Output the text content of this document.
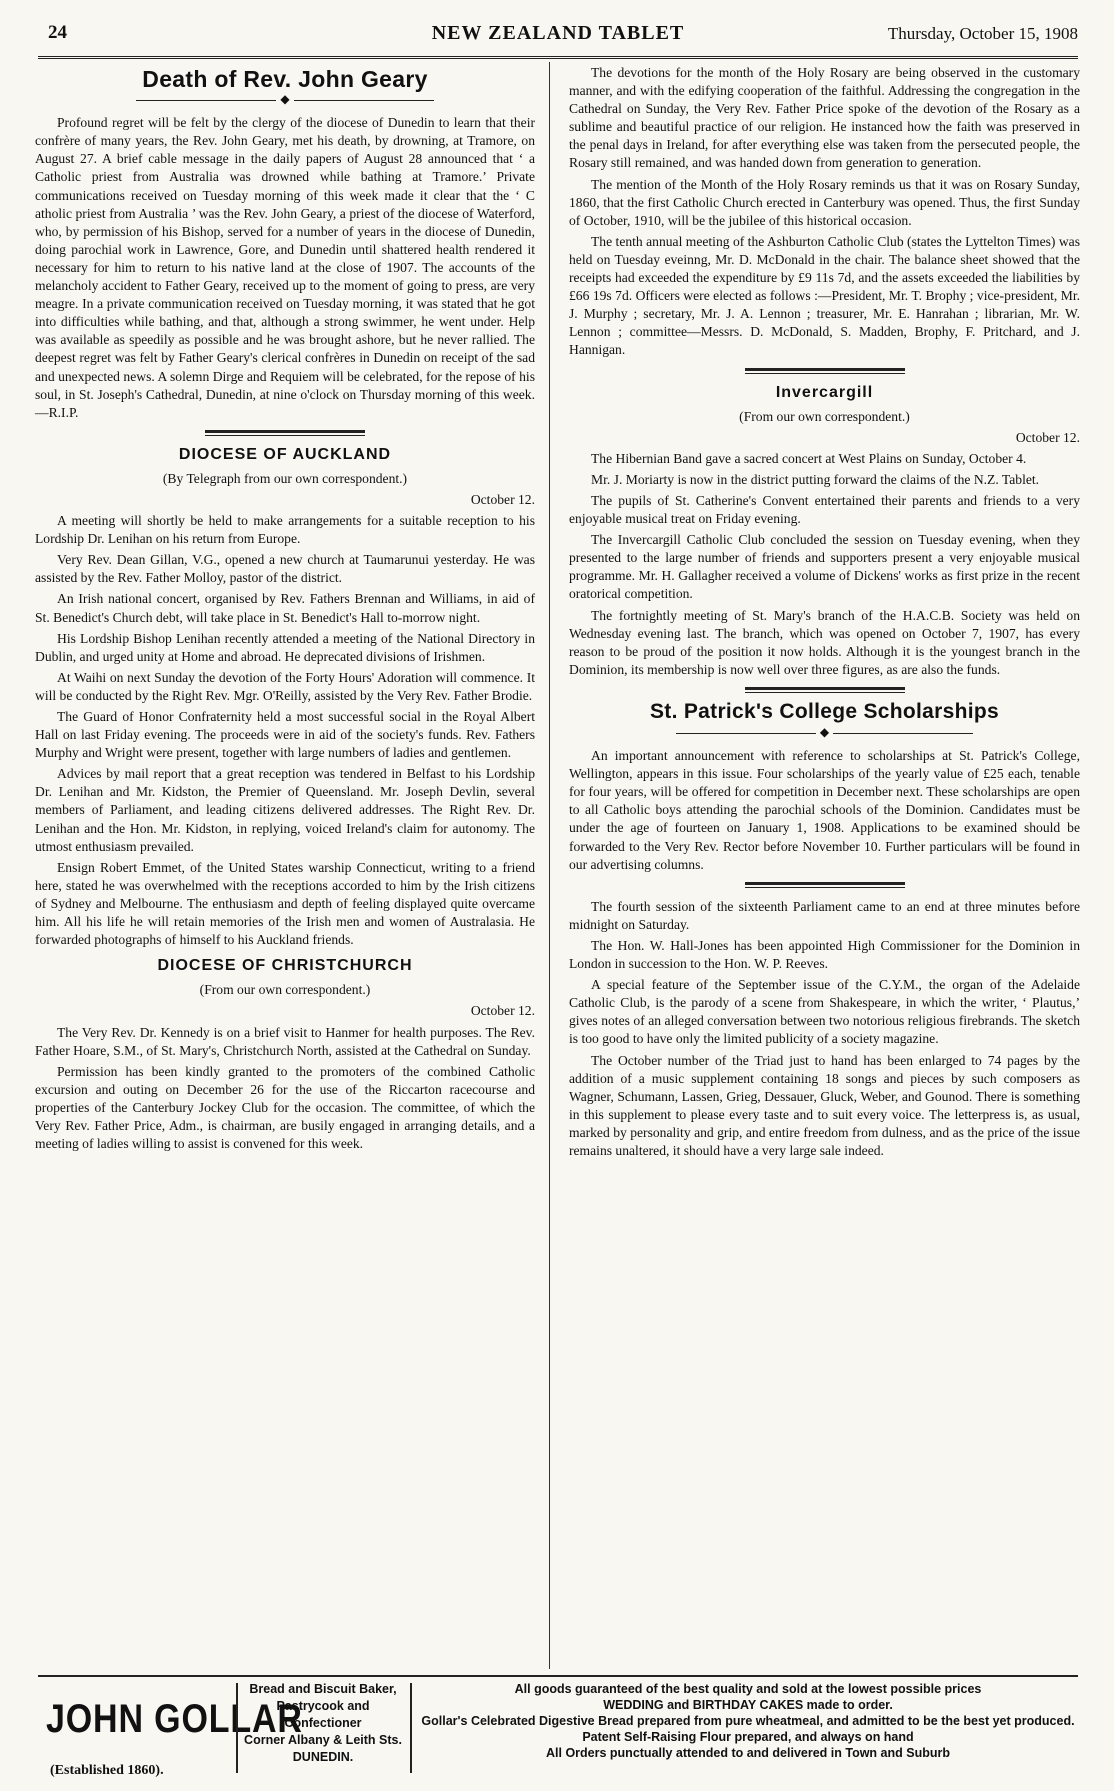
24	NEW ZEALAND TABLET	Thursday, October 15, 1908
Death of Rev. John Geary
◆

Profound regret will be felt by the clergy of the diocese of Dunedin to learn that their confrère of many years, the Rev. John Geary, met his death, by drowning, at Tramore, on August 27. A brief cable message in the daily papers of August 28 announced that ‘ a Catholic priest from Australia was drowned while bathing at Tramore.’ Private communications received on Tuesday morning of this week made it clear that the ‘ C atholic priest from Australia ’ was the Rev. John Geary, a priest of the diocese of Waterford, who, by permission of his Bishop, served for a number of years in the diocese of Dunedin, doing parochial work in Lawrence, Gore, and Dunedin until shattered health rendered it necessary for him to return to his native land at the close of 1907. The accounts of the melancholy accident to Father Geary, received up to the moment of going to press, are very meagre. In a private communication received on Tuesday morning, it was stated that he got into difficulties while bathing, and that, although a strong swimmer, he went under. Help was available as speedily as possible and he was brought ashore, but he never rallied. The deepest regret was felt by Father Geary's clerical confrères in Dunedin on receipt of the sad and unexpected news. A solemn Dirge and Requiem will be celebrated, for the repose of his soul, in St. Joseph's Cathedral, Dunedin, at nine o'clock on Thursday morning of this week.—R.I.P.

DIOCESE OF AUCKLAND

(By Telegraph from our own correspondent.)

October 12.

A meeting will shortly be held to make arrangements for a suitable reception to his Lordship Dr. Lenihan on his return from Europe.

Very Rev. Dean Gillan, V.G., opened a new church at Taumarunui yesterday. He was assisted by the Rev. Father Molloy, pastor of the district.

An Irish national concert, organised by Rev. Fathers Brennan and Williams, in aid of St. Benedict's Church debt, will take place in St. Benedict's Hall to-morrow night.

His Lordship Bishop Lenihan recently attended a meeting of the National Directory in Dublin, and urged unity at Home and abroad. He deprecated divisions of Irishmen.

At Waihi on next Sunday the devotion of the Forty Hours' Adoration will commence. It will be conducted by the Right Rev. Mgr. O'Reilly, assisted by the Very Rev. Father Brodie.

The Guard of Honor Confraternity held a most successful social in the Royal Albert Hall on last Friday evening. The proceeds were in aid of the society's funds. Rev. Fathers Murphy and Wright were present, together with large numbers of ladies and gentlemen.

Advices by mail report that a great reception was tendered in Belfast to his Lordship Dr. Lenihan and Mr. Kidston, the Premier of Queensland. Mr. Joseph Devlin, several members of Parliament, and leading citizens delivered addresses. The Right Rev. Dr. Lenihan and the Hon. Mr. Kidston, in replying, voiced Ireland's claim for autonomy. The utmost enthusiasm prevailed.

Ensign Robert Emmet, of the United States warship Connecticut, writing to a friend here, stated he was overwhelmed with the receptions accorded to him by the Irish citizens of Sydney and Melbourne. The enthusiasm and depth of feeling displayed quite overcame him. All his life he will retain memories of the Irish men and women of Australasia. He forwarded photographs of himself to his Auckland friends.

DIOCESE OF CHRISTCHURCH

(From our own correspondent.)

October 12.

The Very Rev. Dr. Kennedy is on a brief visit to Hanmer for health purposes. The Rev. Father Hoare, S.M., of St. Mary's, Christchurch North, assisted at the Cathedral on Sunday.

Permission has been kindly granted to the promoters of the combined Catholic excursion and outing on December 26 for the use of the Riccarton racecourse and properties of the Canterbury Jockey Club for the occasion. The committee, of which the Very Rev. Father Price, Adm., is chairman, are busily engaged in arranging details, and a meeting of ladies willing to assist is convened for this week.

The devotions for the month of the Holy Rosary are being observed in the customary manner, and with the edifying cooperation of the faithful. Addressing the congregation in the Cathedral on Sunday, the Very Rev. Father Price spoke of the devotion of the Rosary as a sublime and beautiful practice of our religion. He instanced how the faith was preserved in the penal days in Ireland, for after everything else was taken from the persecuted people, the Rosary still remained, and was handed down from generation to generation.

The mention of the Month of the Holy Rosary reminds us that it was on Rosary Sunday, 1860, that the first Catholic Church erected in Canterbury was opened. Thus, the first Sunday of October, 1910, will be the jubilee of this historical occasion.

The tenth annual meeting of the Ashburton Catholic Club (states the Lyttelton Times) was held on Tuesday eveinng, Mr. D. McDonald in the chair. The balance sheet showed that the receipts had exceeded the expenditure by £9 11s 7d, and the assets exceeded the liabilities by £66 19s 7d. Officers were elected as follows :—President, Mr. T. Brophy ; vice-president, Mr. J. Murphy ; secretary, Mr. J. A. Lennon ; treasurer, Mr. E. Hanrahan ; librarian, Mr. W. Lennon ; committee—Messrs. D. McDonald, S. Madden, Brophy, F. Pritchard, and J. Hannigan.

Invercargill

(From our own correspondent.)

October 12.

The Hibernian Band gave a sacred concert at West Plains on Sunday, October 4.

Mr. J. Moriarty is now in the district putting forward the claims of the N.Z. Tablet.

The pupils of St. Catherine's Convent entertained their parents and friends to a very enjoyable musical treat on Friday evening.

The Invercargill Catholic Club concluded the session on Tuesday evening, when they presented to the large number of friends and supporters present a very enjoyable musical programme. Mr. H. Gallagher received a volume of Dickens' works as first prize in the recent oratorical competition.

The fortnightly meeting of St. Mary's branch of the H.A.C.B. Society was held on Wednesday evening last. The branch, which was opened on October 7, 1907, has every reason to be proud of the position it now holds. Although it is the youngest branch in the Dominion, its membership is now well over three figures, as are also the funds.

St. Patrick's College Scholarships
◆

An important announcement with reference to scholarships at St. Patrick's College, Wellington, appears in this issue. Four scholarships of the yearly value of £25 each, tenable for four years, will be offered for competition in December next. These scholarships are open to all Catholic boys attending the parochial schools of the Dominion. Candidates must be under the age of fourteen on January 1, 1908. Applications to be examined should be forwarded to the Very Rev. Rector before November 10. Further particulars will be found in our advertising columns.

The fourth session of the sixteenth Parliament came to an end at three minutes before midnight on Saturday.

The Hon. W. Hall-Jones has been appointed High Commissioner for the Dominion in London in succession to the Hon. W. P. Reeves.

A special feature of the September issue of the C.Y.M., the organ of the Adelaide Catholic Club, is the parody of a scene from Shakespeare, in which the writer, ‘ Plautus,’ gives notes of an alleged conversation between two notorious religious firebrands. The sketch is too good to have only the limited publicity of a society magazine.

The October number of the Triad just to hand has been enlarged to 74 pages by the addition of a music supplement containing 18 songs and pieces by such composers as Wagner, Schumann, Lassen, Grieg, Dessauer, Gluck, Weber, and Gounod. There is something in this supplement to please every taste and to suit every voice. The letterpress is, as usual, marked by personality and grip, and entire freedom from dulness, and as the price of the issue remains unaltered, it should have a very large sale indeed.

JOHN GOLLAR
(Established 1860).
Bread and Biscuit Baker,
Pastrycook and Confectioner
Corner Albany & Leith Sts.
DUNEDIN.
All goods guaranteed of the best quality and sold at the lowest possible prices
WEDDING and BIRTHDAY CAKES made to order.
Gollar's Celebrated Digestive Bread prepared from pure wheatmeal, and admitted to be the best yet produced. Patent Self-Raising Flour prepared, and always on hand
All Orders punctually attended to and delivered in Town and Suburb
